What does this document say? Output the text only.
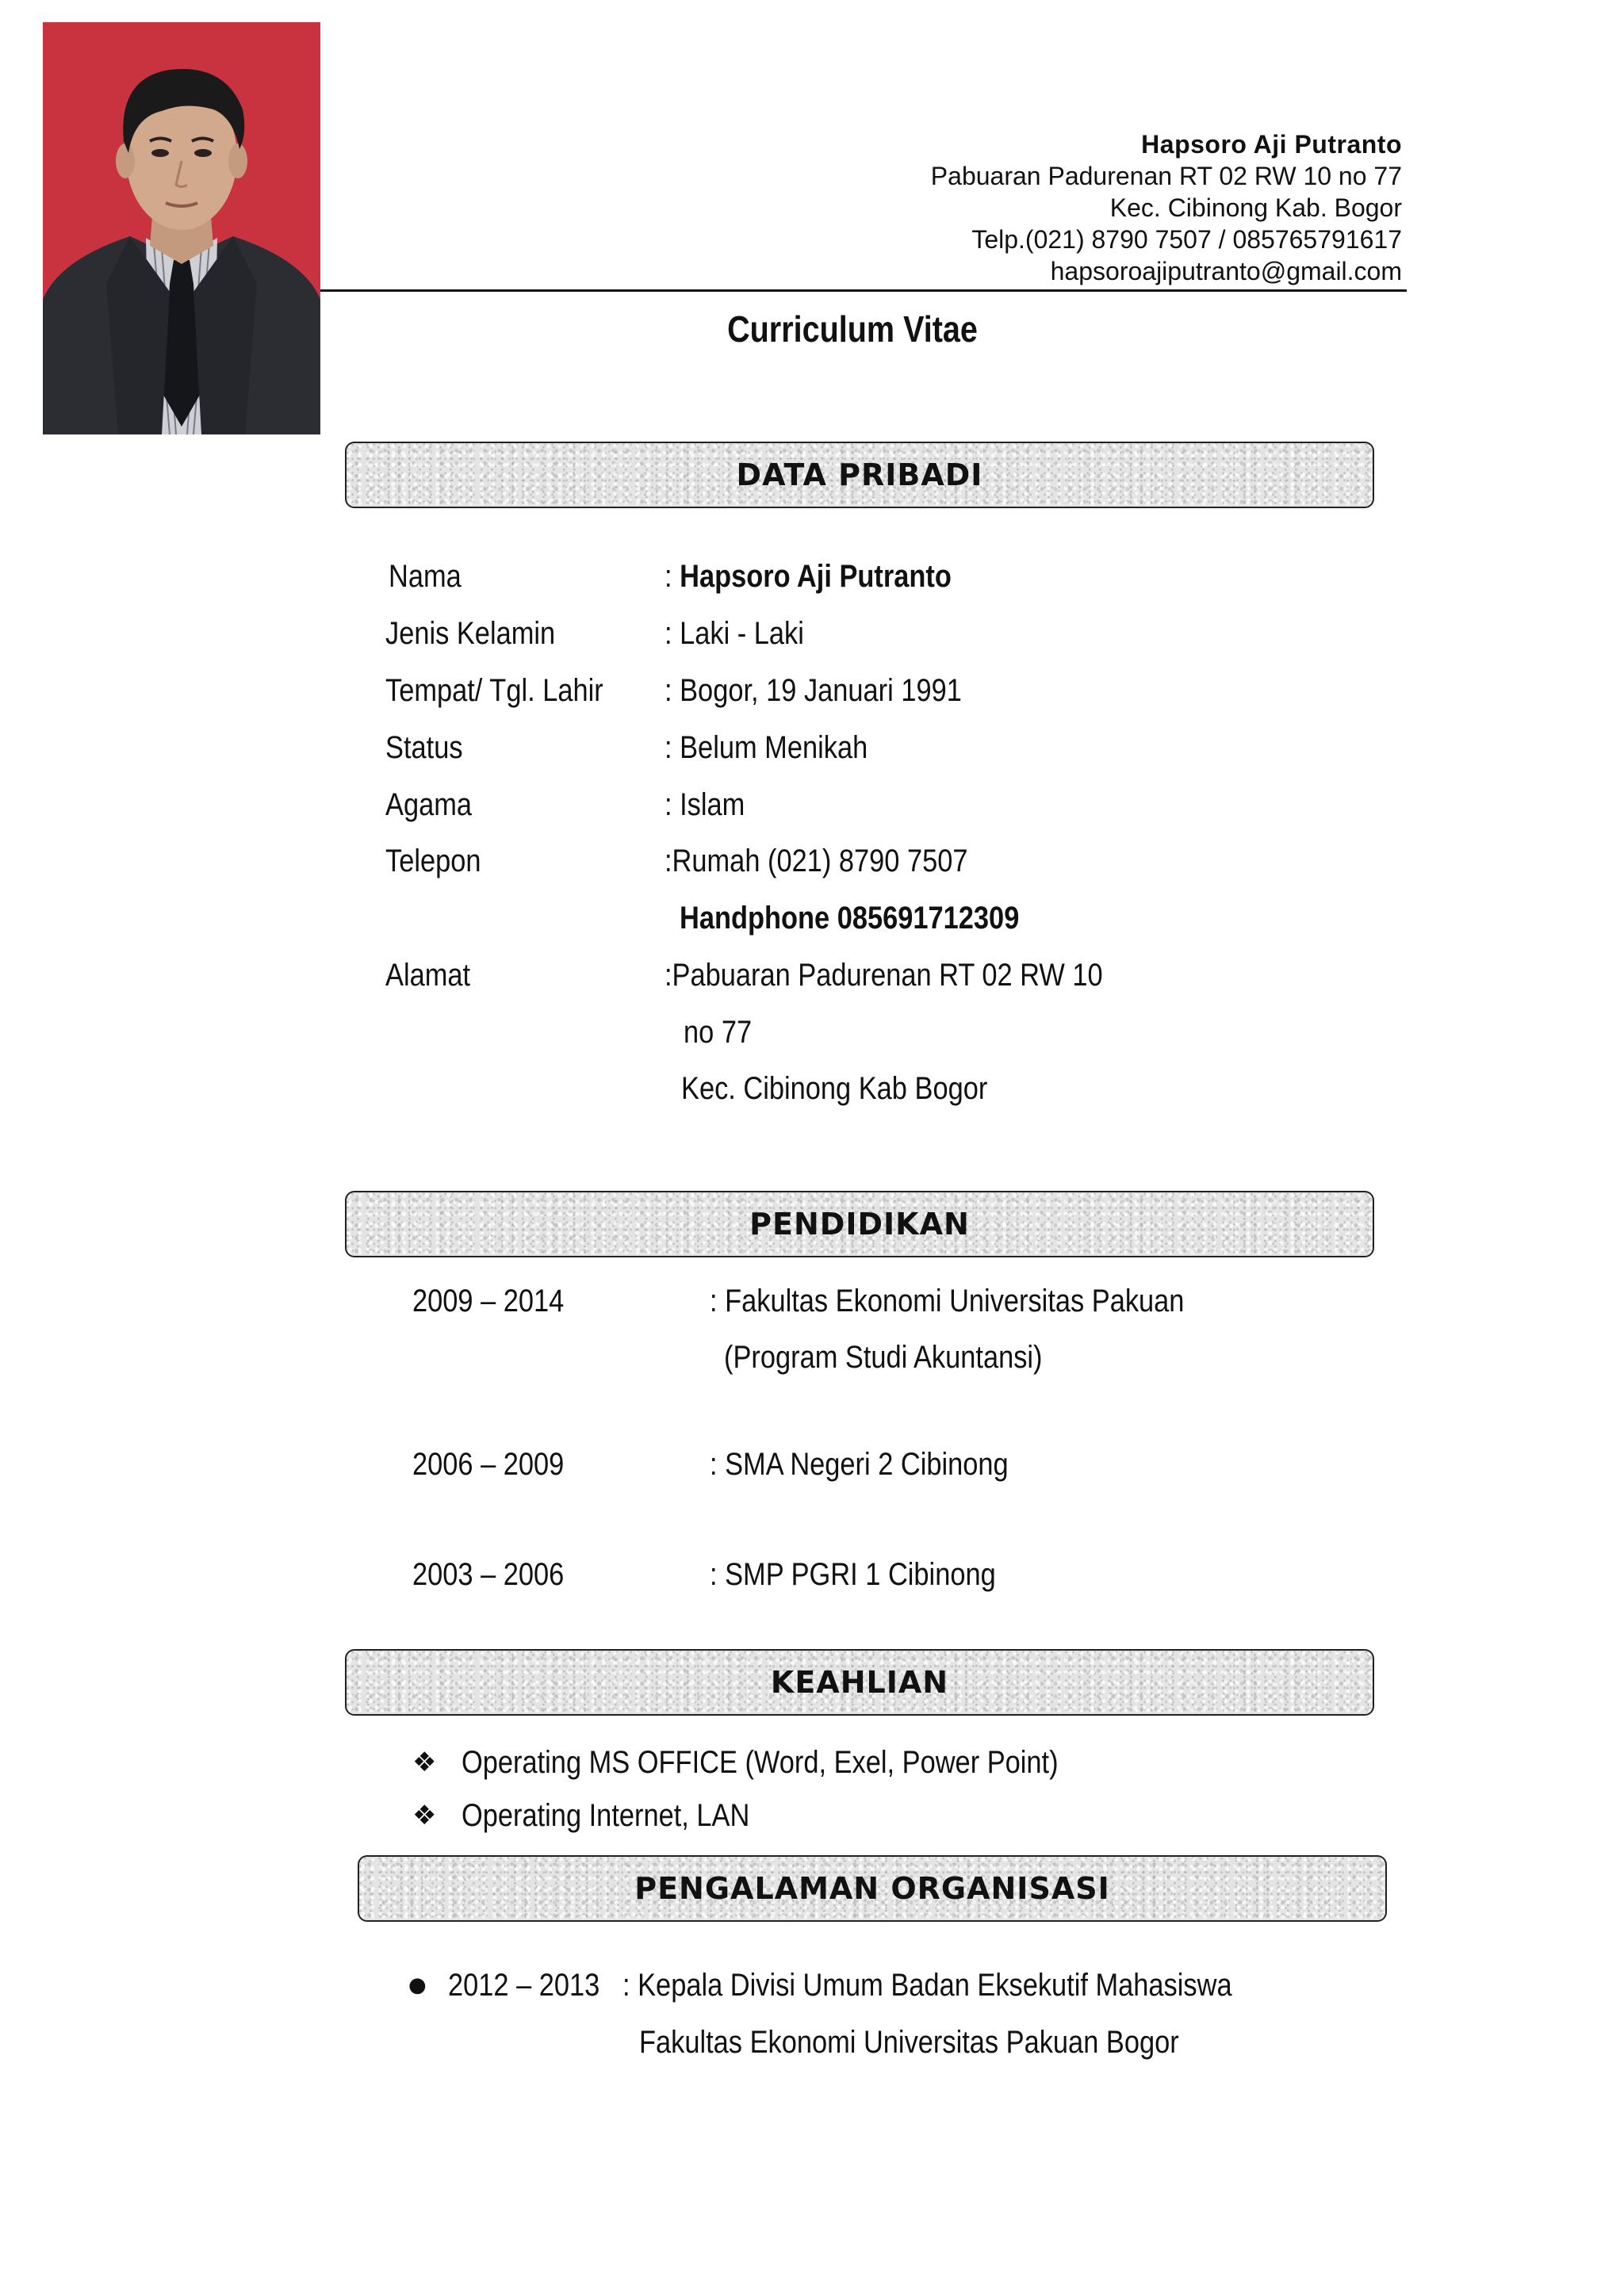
Hapsoro Aji Putranto
Pabuaran Padurenan RT 02 RW 10 no 77
Kec. Cibinong Kab. Bogor
Telp.(021) 8790 7507 / 085765791617
hapsoroajiputranto@gmail.com
Curriculum Vitae
DATA PRIBADI
Nama	: Hapsoro Aji Putranto
Jenis Kelamin	: Laki - Laki
Tempat/ Tgl. Lahir : Bogor, 19 Januari 1991
Status	: Belum Menikah
Agama	: Islam
Telepon	:Rumah (021) 8790 7507
Handphone 085691712309
Alamat	:Pabuaran Padurenan RT 02 RW 10
no 77
Kec. Cibinong Kab Bogor
PENDIDIKAN
2009 – 2014	: Fakultas Ekonomi Universitas Pakuan
(Program Studi Akuntansi)
2006 – 2009	: SMA Negeri 2 Cibinong
2003 – 2006	: SMP PGRI 1 Cibinong
KEAHLIAN
❖ Operating MS OFFICE (Word, Exel, Power Point)
❖ Operating Internet, LAN
PENGALAMAN ORGANISASI
● 2012 – 2013 : Kepala Divisi Umum Badan Eksekutif Mahasiswa
Fakultas Ekonomi Universitas Pakuan Bogor
